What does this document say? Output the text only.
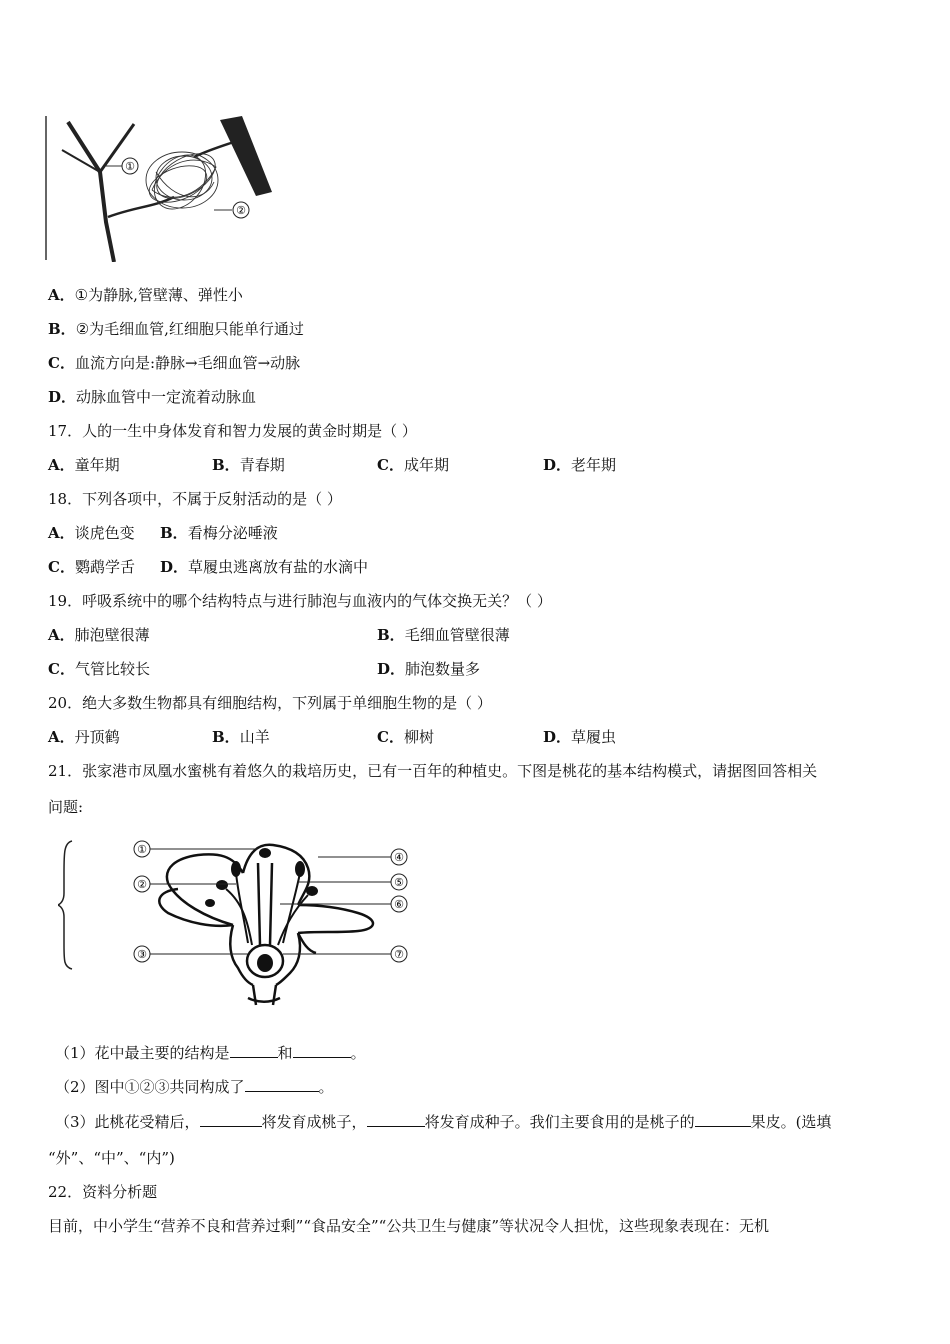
①
②
A．①为静脉,管壁薄、弹性小
B．②为毛细血管,红细胞只能单行通过
C．血流方向是:静脉→毛细血管→动脉
D．动脉血管中一定流着动脉血
17．人的一生中身体发育和智力发展的黄金时期是（ ）
A．童年期	B．青春期	C．成年期	D．老年期
18．下列各项中，不属于反射活动的是（ ）
A．谈虎色变 B．看梅分泌唾液
C．鹦鹉学舌 D．草履虫逃离放有盐的水滴中
19．呼吸系统中的哪个结构特点与进行肺泡与血液内的气体交换无关？（ ）
A．肺泡壁很薄	B．毛细血管壁很薄
C．气管比较长	D．肺泡数量多
20．绝大多数生物都具有细胞结构，下列属于单细胞生物的是（ ）
A．丹顶鹤	B．山羊	C．柳树	D．草履虫
21．张家港市凤凰水蜜桃有着悠久的栽培历史，已有一百年的种植史。下图是桃花的基本结构模式，请据图回答相关
问题:
①
②
③
④
⑤
⑥
⑦
（1）花中最主要的结构是	和	。
（2）图中①②③共同构成了	。
（3）此桃花受精后，	将发育成桃子，	将发育成种子。我们主要食用的是桃子的	果皮。(选填
“外”、“中”、“内”)
22．资料分析题
目前，中小学生“营养不良和营养过剩”“食品安全”“公共卫生与健康”等状况令人担忧，这些现象表现在：无机
